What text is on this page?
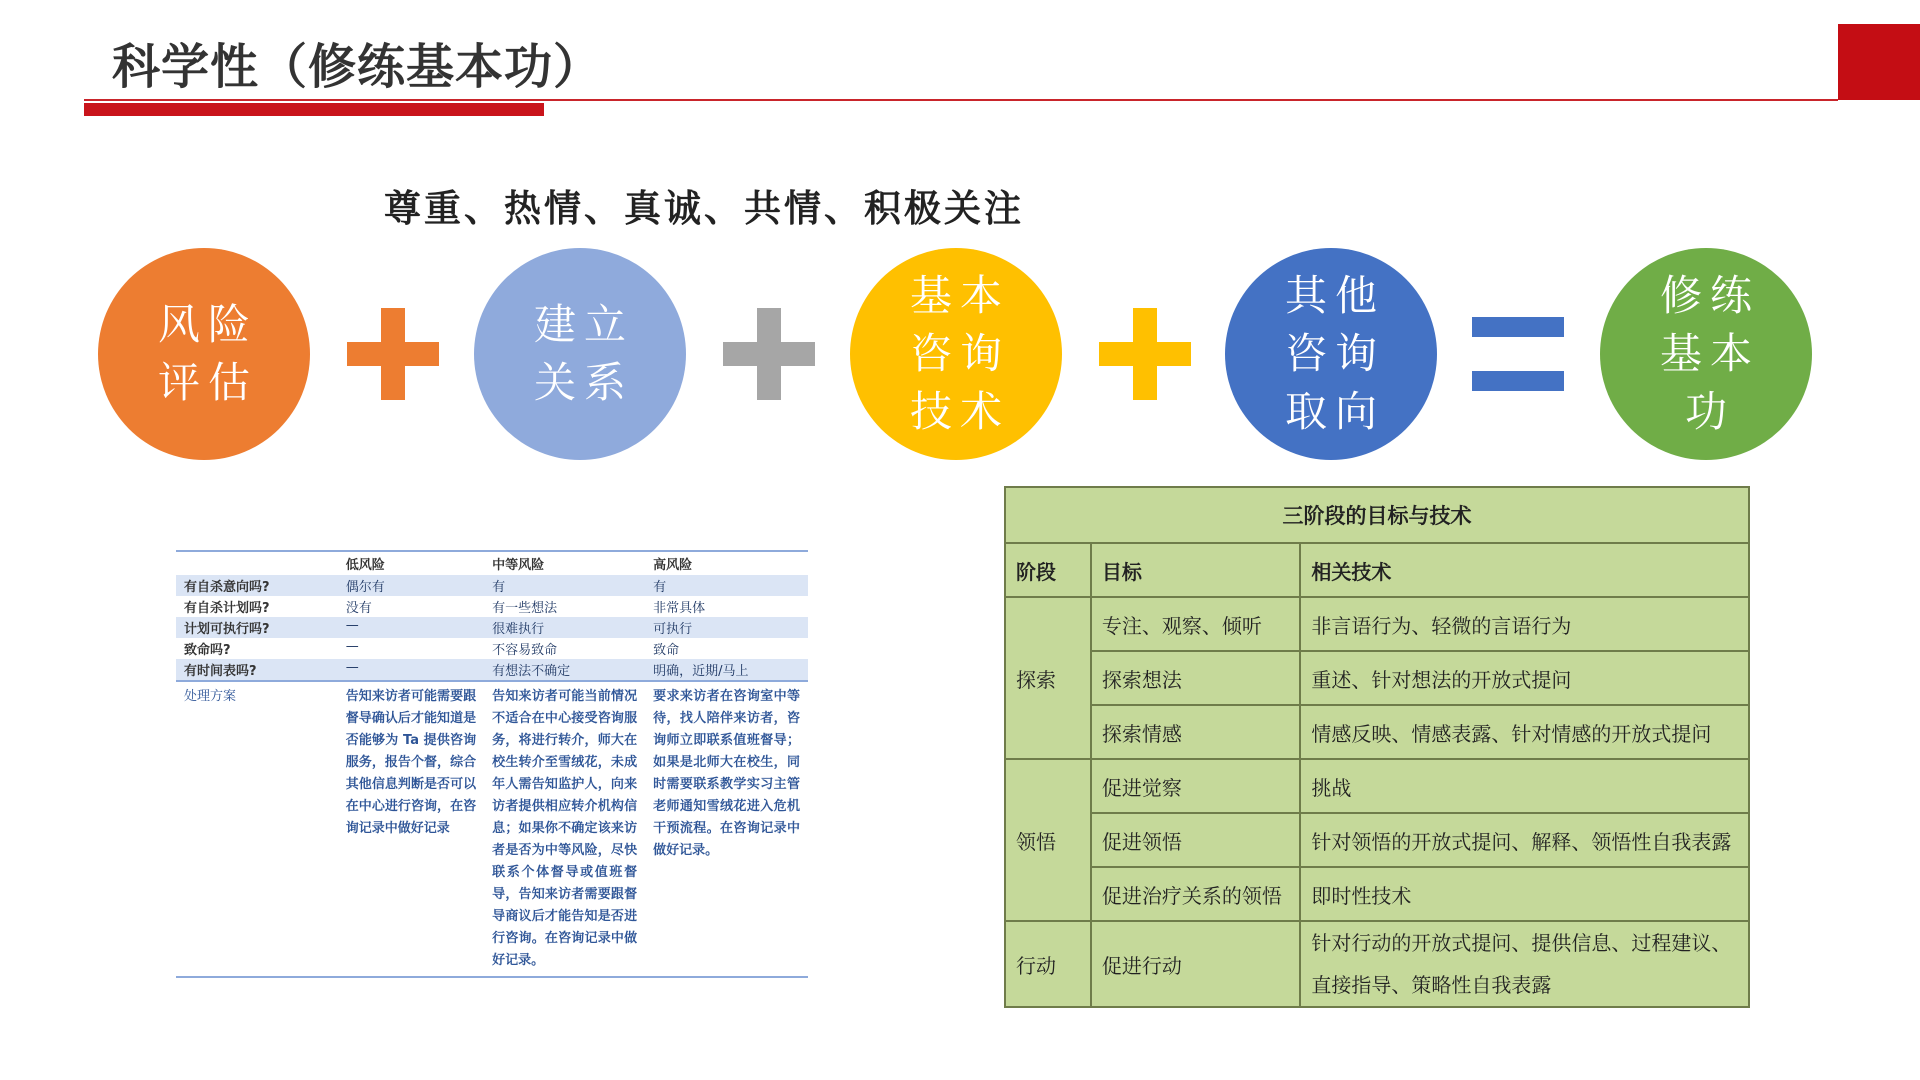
科学性（修练基本功）
尊重、热情、真诚、共情、积极关注
风险
评估
建立
关系
基本
咨询
技术
其他
咨询
取向
修练
基本
功
	低风险	中等风险	高风险
有自杀意向吗?	偶尔有	有	有
有自杀计划吗?	没有	有一些想法	非常具体
计划可执行吗?	—	很难执行	可执行
致命吗?	—	不容易致命	致命
有时间表吗?	—	有想法不确定	明确，近期/马上
处理方案	告知来访者可能需要跟督导确认后才能知道是否能够为 Ta 提供咨询服务，报告个督，综合其他信息判断是否可以在中心进行咨询，在咨询记录中做好记录	告知来访者可能当前情况不适合在中心接受咨询服务，将进行转介，师大在校生转介至雪绒花，未成年人需告知监护人，向来访者提供相应转介机构信息；如果你不确定该来访者是否为中等风险，尽快联系个体督导或值班督导，告知来访者需要跟督导商议后才能告知是否进行咨询。在咨询记录中做好记录。	要求来访者在咨询室中等待，找人陪伴来访者，咨询师立即联系值班督导；如果是北师大在校生，同时需要联系教学实习主管老师通知雪绒花进入危机干预流程。在咨询记录中做好记录。
三阶段的目标与技术		
阶段	目标	相关技术
探索	专注、观察、倾听	非言语行为、轻微的言语行为
	探索想法	重述、针对想法的开放式提问
	探索情感	情感反映、情感表露、针对情感的开放式提问
领悟	促进觉察	挑战
	促进领悟	针对领悟的开放式提问、解释、领悟性自我表露
	促进治疗关系的领悟	即时性技术
行动	促进行动	针对行动的开放式提问、提供信息、过程建议、直接指导、策略性自我表露
